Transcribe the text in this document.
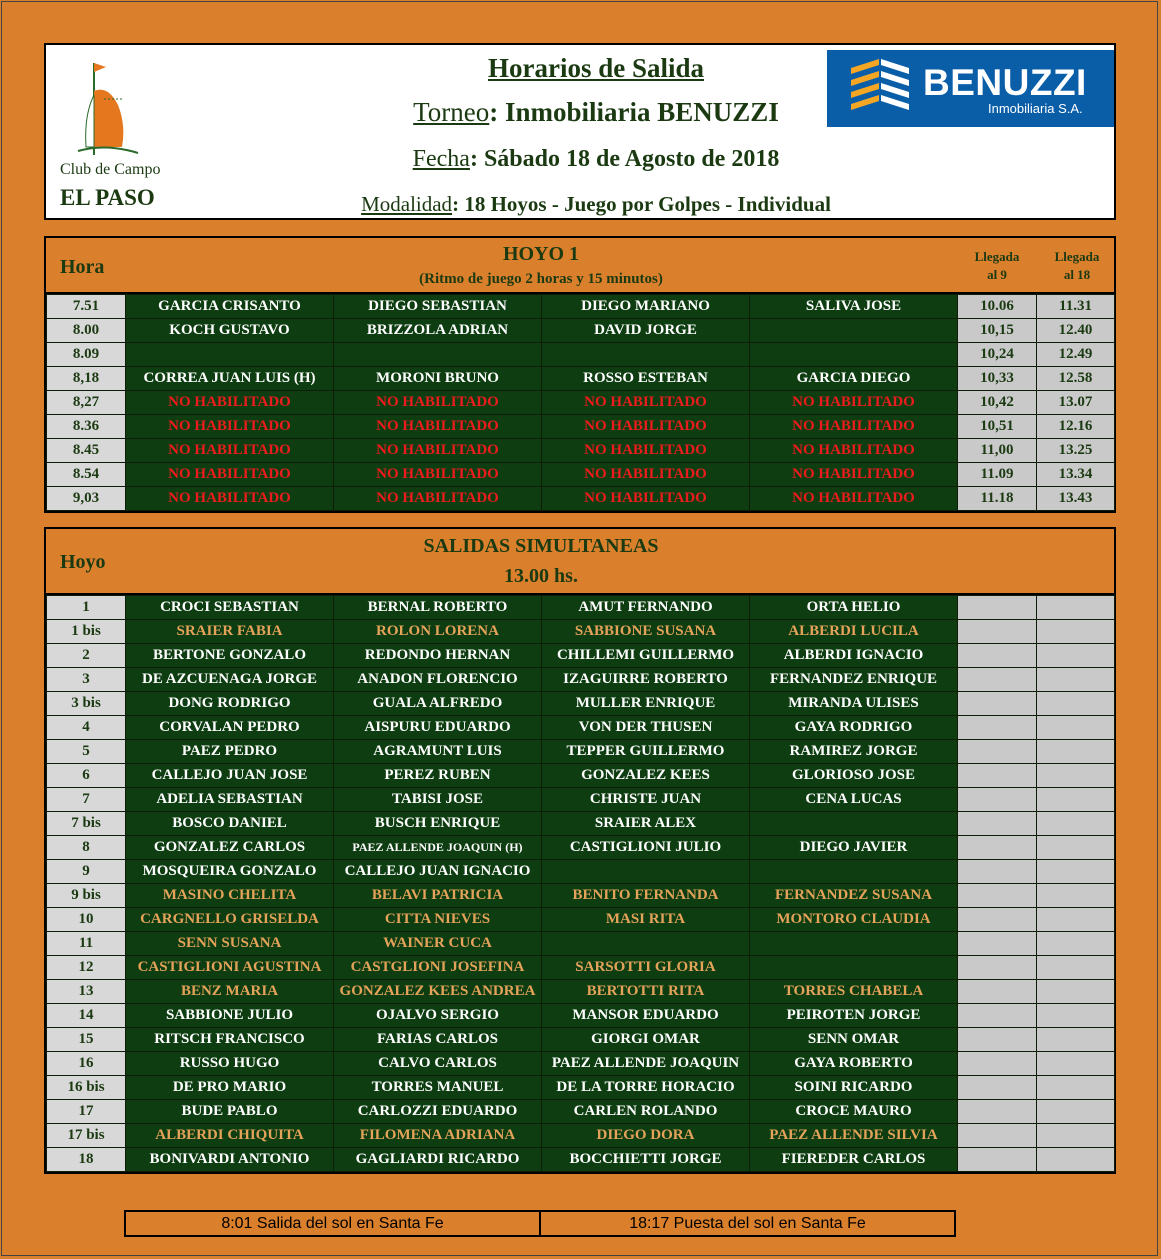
Club de Campo
EL PASO
Horarios de Salida
Torneo: Inmobiliaria BENUZZI
Fecha: Sábado 18 de Agosto de 2018
Modalidad: 18 Hoyos - Juego por Golpes - Individual
BENUZZI
Inmobiliaria S.A.
Hora
HOYO 1
(Ritmo de juego 2 horas y 15 minutos)
Llegada
al 9
Llegada
al 18
7.51	GARCIA CRISANTO	DIEGO SEBASTIAN	DIEGO MARIANO	SALIVA JOSE	10.06	11.31
8.00	KOCH GUSTAVO	BRIZZOLA ADRIAN	DAVID JORGE		10,15	12.40
8.09					10,24	12.49
8,18	CORREA JUAN LUIS (H)	MORONI BRUNO	ROSSO ESTEBAN	GARCIA DIEGO	10,33	12.58
8,27	NO HABILITADO	NO HABILITADO	NO HABILITADO	NO HABILITADO	10,42	13.07
8.36	NO HABILITADO	NO HABILITADO	NO HABILITADO	NO HABILITADO	10,51	12.16
8.45	NO HABILITADO	NO HABILITADO	NO HABILITADO	NO HABILITADO	11,00	13.25
8.54	NO HABILITADO	NO HABILITADO	NO HABILITADO	NO HABILITADO	11.09	13.34
9,03	NO HABILITADO	NO HABILITADO	NO HABILITADO	NO HABILITADO	11.18	13.43
Hoyo
SALIDAS SIMULTANEAS
13.00 hs.
1	CROCI SEBASTIAN	BERNAL ROBERTO	AMUT FERNANDO	ORTA HELIO		
1 bis	SRAIER FABIA	ROLON LORENA	SABBIONE SUSANA	ALBERDI LUCILA		
2	BERTONE GONZALO	REDONDO HERNAN	CHILLEMI GUILLERMO	ALBERDI IGNACIO		
3	DE AZCUENAGA JORGE	ANADON FLORENCIO	IZAGUIRRE ROBERTO	FERNANDEZ ENRIQUE		
3 bis	DONG RODRIGO	GUALA ALFREDO	MULLER ENRIQUE	MIRANDA ULISES		
4	CORVALAN PEDRO	AISPURU EDUARDO	VON DER THUSEN	GAYA RODRIGO		
5	PAEZ PEDRO	AGRAMUNT LUIS	TEPPER GUILLERMO	RAMIREZ JORGE		
6	CALLEJO JUAN JOSE	PEREZ RUBEN	GONZALEZ KEES	GLORIOSO JOSE		
7	ADELIA SEBASTIAN	TABISI JOSE	CHRISTE JUAN	CENA LUCAS		
7 bis	BOSCO DANIEL	BUSCH ENRIQUE	SRAIER ALEX			
8	GONZALEZ CARLOS	PAEZ ALLENDE JOAQUIN (H)	CASTIGLIONI JULIO	DIEGO JAVIER		
9	MOSQUEIRA GONZALO	CALLEJO JUAN IGNACIO				
9 bis	MASINO CHELITA	BELAVI PATRICIA	BENITO FERNANDA	FERNANDEZ SUSANA		
10	CARGNELLO GRISELDA	CITTA NIEVES	MASI RITA	MONTORO CLAUDIA		
11	SENN SUSANA	WAINER CUCA				
12	CASTIGLIONI AGUSTINA	CASTGLIONI JOSEFINA	SARSOTTI GLORIA			
13	BENZ MARIA	GONZALEZ KEES ANDREA	BERTOTTI RITA	TORRES CHABELA		
14	SABBIONE JULIO	OJALVO SERGIO	MANSOR EDUARDO	PEIROTEN JORGE		
15	RITSCH FRANCISCO	FARIAS CARLOS	GIORGI OMAR	SENN OMAR		
16	RUSSO HUGO	CALVO CARLOS	PAEZ ALLENDE JOAQUIN	GAYA ROBERTO		
16 bis	DE PRO MARIO	TORRES MANUEL	DE LA TORRE HORACIO	SOINI RICARDO		
17	BUDE PABLO	CARLOZZI EDUARDO	CARLEN ROLANDO	CROCE MAURO		
17 bis	ALBERDI CHIQUITA	FILOMENA ADRIANA	DIEGO DORA	PAEZ ALLENDE SILVIA		
18	BONIVARDI ANTONIO	GAGLIARDI RICARDO	BOCCHIETTI JORGE	FIEREDER CARLOS		
8:01 Salida del sol en Santa Fe	18:17 Puesta del sol en Santa Fe
